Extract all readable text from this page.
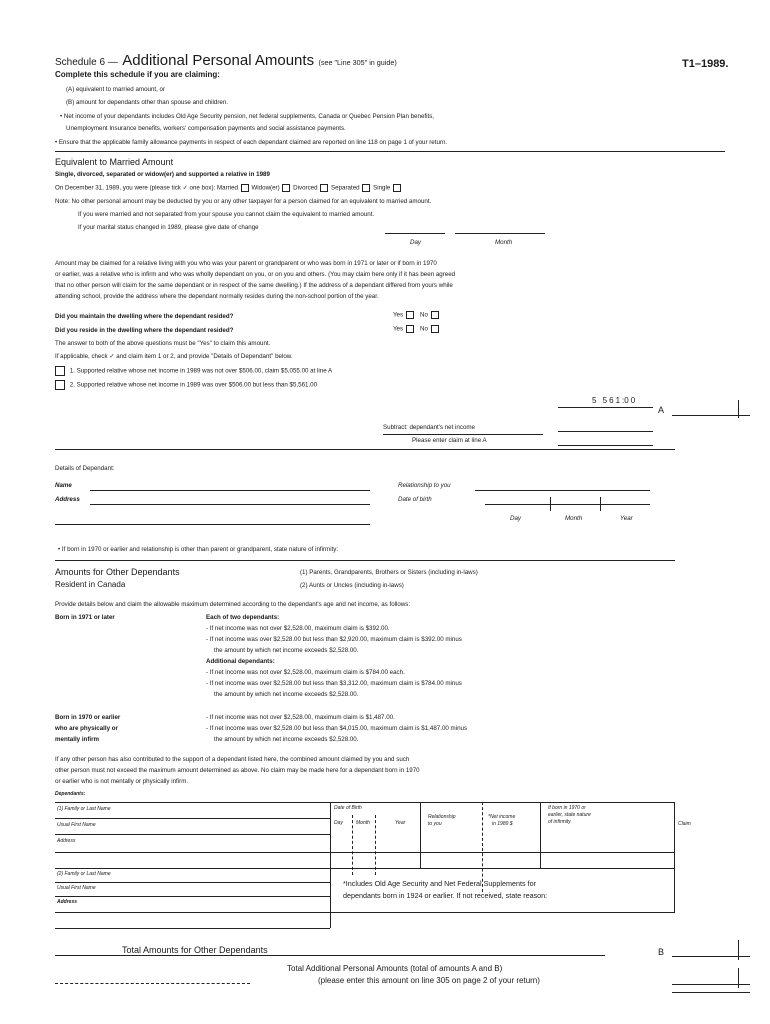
Schedule 6 — Additional Personal Amounts (see "Line 305" in guide)	T1–1989.
Complete this schedule if you are claiming:
(A) equivalent to married amount, or
(B) amount for dependants other than spouse and children.
• Net income of your dependants includes Old Age Security pension, net federal supplements, Canada or Quebec Pension Plan benefits,
Unemployment Insurance benefits, workers' compensation payments and social assistance payments.
• Ensure that the applicable family allowance payments in respect of each dependant claimed are reported on line 118 on page 1 of your return.
Equivalent to Married Amount
Single, divorced, separated or widow(er) and supported a relative in 1989
On December 31, 1989, you were (please tick ✓ one box): Married Widow(er) Divorced Separated Single
Note: No other personal amount may be deducted by you or any other taxpayer for a person claimed for an equivalent to married amount.
If you were married and not separated from your spouse you cannot claim the equivalent to married amount.
If your marital status changed in 1989, please give date of change
Day	Month
Amount may be claimed for a relative living with you who was your parent or grandparent or who was born in 1971 or later or if born in 1970
or earlier, was a relative who is infirm and who was wholly dependant on you, or on you and others. (You may claim here only if it has been agreed
that no other person will claim for the same dependant or in respect of the same dwelling.) If the address of a dependant differed from yours while
attending school, provide the address where the dependant normally resides during the non-school portion of the year.
Did you maintain the dwelling where the dependant resided?	Yes	No
Did you reside in the dwelling where the dependant resided?	Yes	No
The answer to both of the above questions must be "Yes" to claim this amount.
If applicable, check ✓ and claim item 1 or 2, and provide "Details of Dependant" below.
1. Supported relative whose net income in 1989 was not over $506.00, claim $5,055.00 at line A
2. Supported relative whose net income in 1989 was over $506.00 but less than $5,561.00
5 561:00
A
Subtract: dependant's net income
Please enter claim at line A
Details of Dependant:
Name	Relationship to you
Address	Date of birth
Day	Month	Year
• If born in 1970 or earlier and relationship is other than parent or grandparent, state nature of infirmity:
Amounts for Other Dependants
Resident in Canada
(1) Parents, Grandparents, Brothers or Sisters (including in-laws)
(2) Aunts or Uncles (including in-laws)
Provide details below and claim the allowable maximum determined according to the dependant's age and net income, as follows:
Born in 1971 or later	Each of two dependants:
- If net income was not over $2,528.00, maximum claim is $392.00.
- If net income was over $2,528.00 but less than $2,920.00, maximum claim is $392.00 minus
the amount by which net income exceeds $2,528.00.
Additional dependants:
- If net income was not over $2,528.00, maximum claim is $784.00 each.
- If net income was over $2,528.00 but less than $3,312.00, maximum claim is $784.00 minus
the amount by which net income exceeds $2,528.00.
Born in 1970 or earlier
who are physically or
mentally infirm
- If net income was not over $2,528.00, maximum claim is $1,487.00.
- If net income was over $2,528.00 but less than $4,015.00, maximum claim is $1,487.00 minus
the amount by which net income exceeds $2,528.00.
If any other person has also contributed to the support of a dependant listed here, the combined amount claimed by you and such
other person must not exceed the maximum amount determined as above. No claim may be made here for a dependant born in 1970
or earlier who is not mentally or physically infirm.
Dependants:
(1) Family or Last Name
Usual First Name
Address
(2) Family or Last Name
Usual First Name
Address
Date of Birth
Day	Month	Year
Relationship
to you
*Net income
in 1989 $
If born in 1970 or
earlier, state nature
of infirmity	Claim
*Includes Old Age Security and Net Federal Supplements for
dependants born in 1924 or earlier. If not received, state reason:
Total Amounts for Other Dependants	B
Total Additional Personal Amounts (total of amounts A and B)
(please enter this amount on line 305 on page 2 of your return)
